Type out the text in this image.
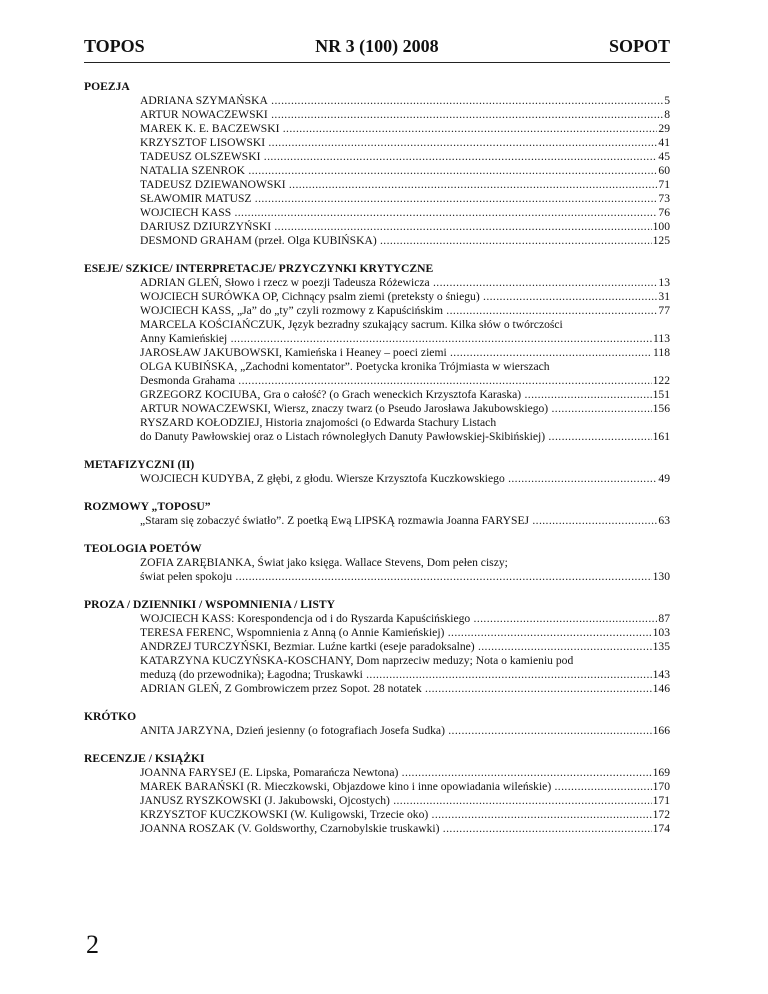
TOPOS	NR 3 (100) 2008	SOPOT
POEZJA
ADRIANA SZYMAŃSKA .....	5
ARTUR NOWACZEWSKI .....	8
MAREK K. E. BACZEWSKI .....	29
KRZYSZTOF LISOWSKI .....	41
TADEUSZ OLSZEWSKI .....	45
NATALIA SZENROK .....	60
TADEUSZ DZIEWANOWSKI .....	71
SŁAWOMIR MATUSZ .....	73
WOJCIECH KASS .....	76
DARIUSZ DZIURZYŃSKI .....	100
DESMOND GRAHAM (przeł. Olga KUBIŃSKA) .....	125
ESEJE/ SZKICE/ INTERPRETACJE/ PRZYCZYNKI KRYTYCZNE
ADRIAN GLEŃ, Słowo i rzecz w poezji Tadeusza Różewicza .....	13
WOJCIECH SURÓWKA OP, Cichnący psalm ziemi (preteksty o śniegu) .....	31
WOJCIECH KASS, „Ja” do „ty” czyli rozmowy z Kapuścińskim .....	77
MARCELA KOŚCIAŃCZUK, Język bezradny szukający sacrum. Kilka słów o twórczości
Anny Kamieńskiej .....	113
JAROSŁAW JAKUBOWSKI, Kamieńska i Heaney – poeci ziemi .....	118
OLGA KUBIŃSKA, „Zachodni komentator”. Poetycka kronika Trójmiasta w wierszach
Desmonda Grahama .....	122
GRZEGORZ KOCIUBA, Gra o całość? (o Grach weneckich Krzysztofa Karaska) .....	151
ARTUR NOWACZEWSKI, Wiersz, znaczy twarz (o Pseudo Jarosława Jakubowskiego) .....	156
RYSZARD KOŁODZIEJ, Historia znajomości (o Edwarda Stachury Listach
do Danuty Pawłowskiej oraz o Listach równoległych Danuty Pawłowskiej-Skibińskiej) .....	161
METAFIZYCZNI (II)
WOJCIECH KUDYBA, Z głębi, z głodu. Wiersze Krzysztofa Kuczkowskiego .....	49
ROZMOWY „TOPOSU”
„Staram się zobaczyć światło”. Z poetką Ewą LIPSKĄ rozmawia Joanna FARYSEJ .....	63
TEOLOGIA POETÓW
ZOFIA ZARĘBIANKA, Świat jako księga. Wallace Stevens, Dom pełen ciszy;
świat pełen spokoju .....	130
PROZA / DZIENNIKI / WSPOMNIENIA / LISTY
WOJCIECH KASS: Korespondencja od i do Ryszarda Kapuścińskiego .....	87
TERESA FERENC, Wspomnienia z Anną (o Annie Kamieńskiej) .....	103
ANDRZEJ TURCZYŃSKI, Bezmiar. Luźne kartki (eseje paradoksalne) .....	135
KATARZYNA KUCZYŃSKA-KOSCHANY, Dom naprzeciw meduzy; Nota o kamieniu pod
meduzą (do przewodnika); Łagodna; Truskawki .....	143
ADRIAN GLEŃ, Z Gombrowiczem przez Sopot. 28 notatek .....	146
KRÓTKO
ANITA JARZYNA, Dzień jesienny (o fotografiach Josefa Sudka) .....	166
RECENZJE / KSIĄŻKI
JOANNA FARYSEJ (E. Lipska, Pomarańcza Newtona) .....	169
MAREK BARAŃSKI (R. Mieczkowski, Objazdowe kino i inne opowiadania wileńskie) .....	170
JANUSZ RYSZKOWSKI (J. Jakubowski, Ojcostych) .....	171
KRZYSZTOF KUCZKOWSKI (W. Kuligowski, Trzecie oko) .....	172
JOANNA ROSZAK (V. Goldsworthy, Czarnobylskie truskawki) .....	174
2
